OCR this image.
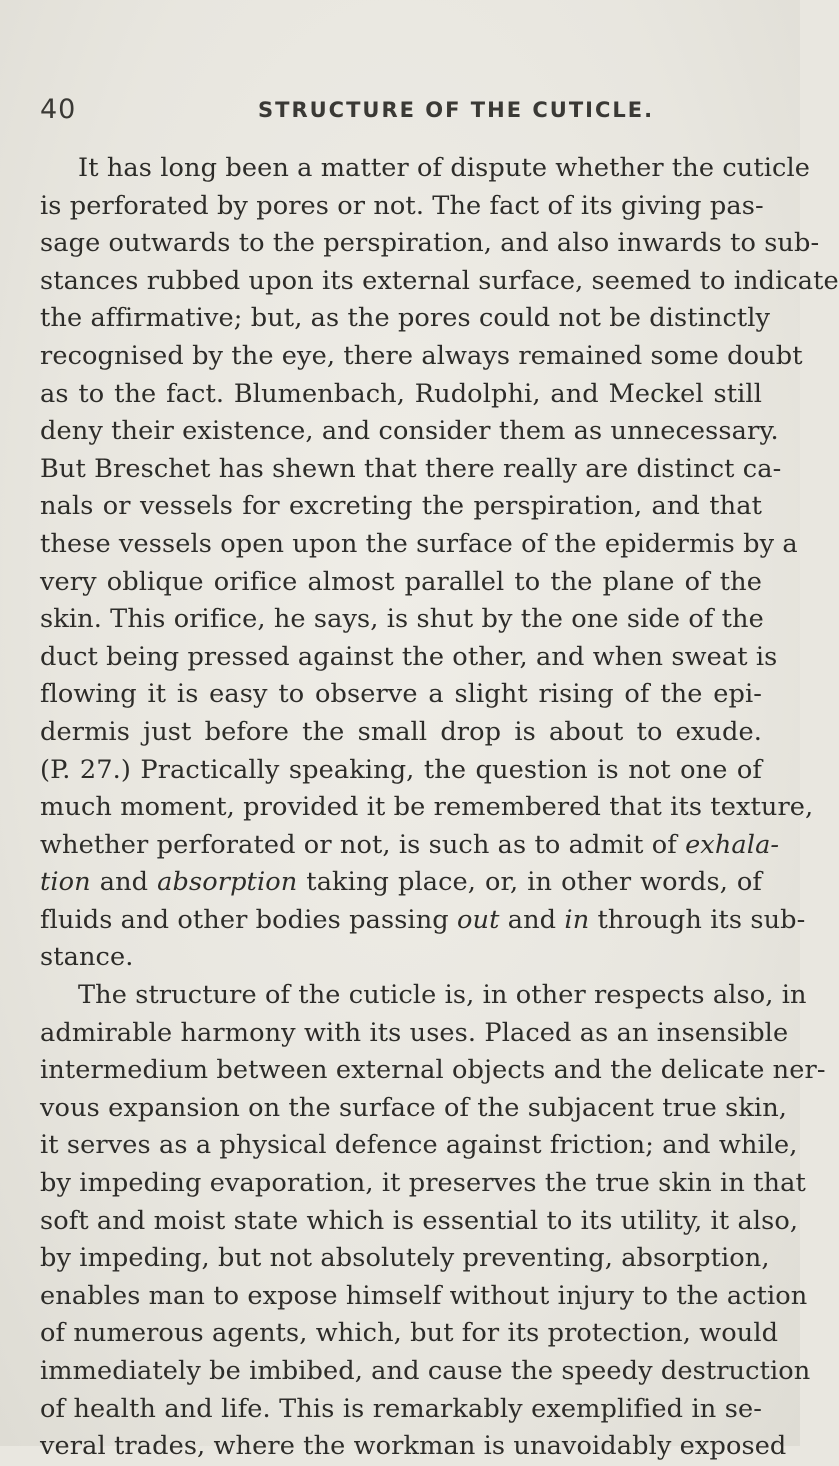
40	STRUCTURE OF THE CUTICLE.
It has long been a matter of dispute whether the cuticle
is perforated by pores or not. The fact of its giving pas-
sage outwards to the perspiration, and also inwards to sub-
stances rubbed upon its external surface, seemed to indicate
the affirmative; but, as the pores could not be distinctly
recognised by the eye, there always remained some doubt
as to the fact. Blumenbach, Rudolphi, and Meckel still
deny their existence, and consider them as unnecessary.
But Breschet has shewn that there really are distinct ca-
nals or vessels for excreting the perspiration, and that
these vessels open upon the surface of the epidermis by a
very oblique orifice almost parallel to the plane of the
skin. This orifice, he says, is shut by the one side of the
duct being pressed against the other, and when sweat is
flowing it is easy to observe a slight rising of the epi-
dermis just before the small drop is about to exude.
(P. 27.) Practically speaking, the question is not one of
much moment, provided it be remembered that its texture,
whether perforated or not, is such as to admit of exhala-
tion and absorption taking place, or, in other words, of
fluids and other bodies passing out and in through its sub-
stance.
The structure of the cuticle is, in other respects also, in
admirable harmony with its uses. Placed as an insensible
intermedium between external objects and the delicate ner-
vous expansion on the surface of the subjacent true skin,
it serves as a physical defence against friction; and while,
by impeding evaporation, it preserves the true skin in that
soft and moist state which is essential to its utility, it also,
by impeding, but not absolutely preventing, absorption,
enables man to expose himself without injury to the action
of numerous agents, which, but for its protection, would
immediately be imbibed, and cause the speedy destruction
of health and life. This is remarkably exemplified in se-
veral trades, where the workman is unavoidably exposed
